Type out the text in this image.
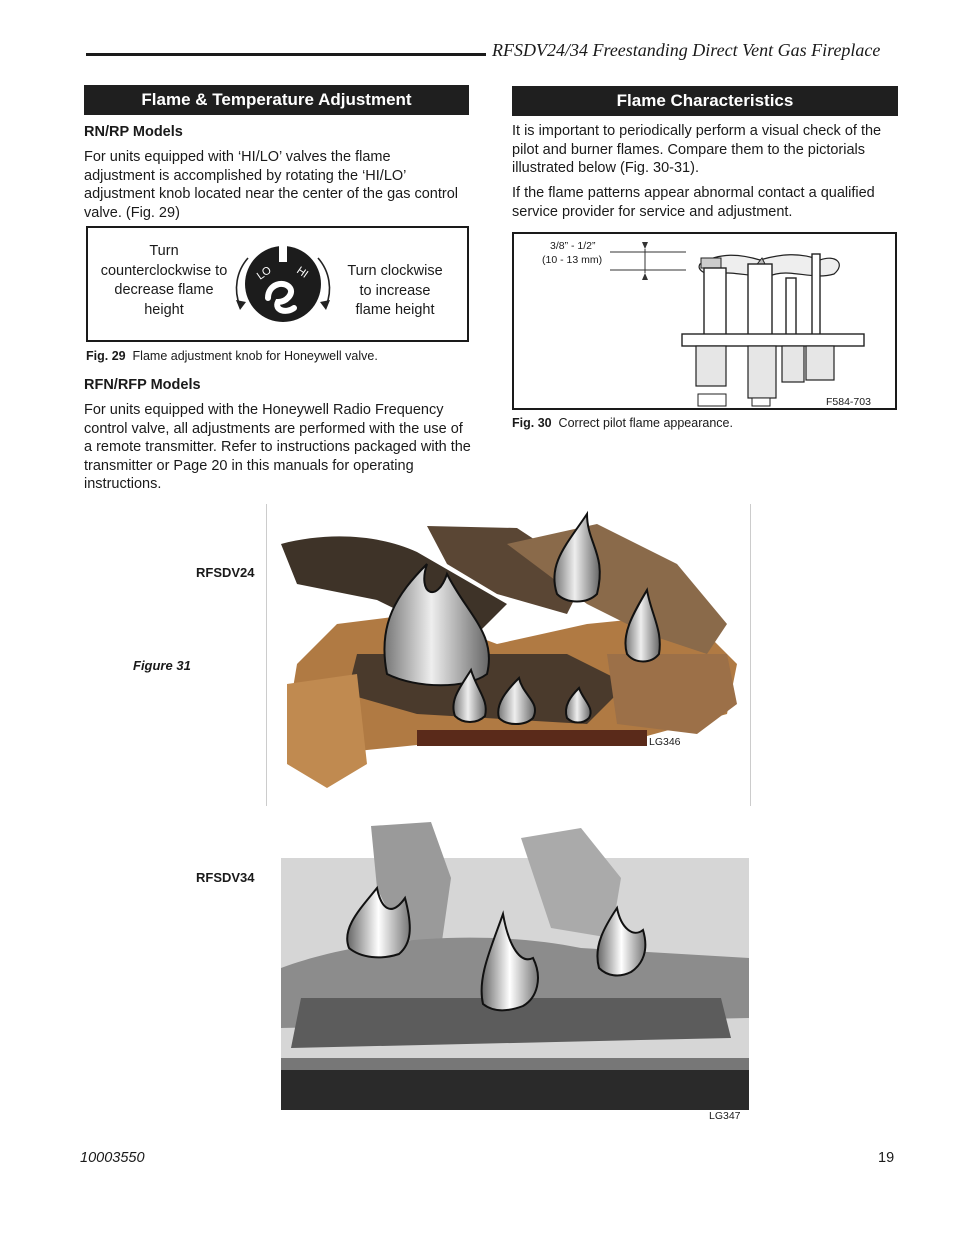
RFSDV24/34 Freestanding Direct Vent Gas Fireplace
Flame & Temperature Adjustment
RN/RP Models

For units equipped with ‘HI/LO’ valves the flame adjustment is accomplished by rotating the ‘HI/LO’ adjustment knob located near the center of the gas control valve. (Fig. 29)

Turn counterclockwise to decrease flame height
LO HI	Turn clockwise to increase flame height
Fig. 29 Flame adjustment knob for Honeywell valve.
RFN/RFP Models

For units equipped with the Honeywell Radio Frequency control valve, all adjustments are performed with the use of a remote transmitter. Refer to instructions packaged with the transmitter or Page 20 in this manuals for operating instructions.

Flame Characteristics

It is important to periodically perform a visual check of the pilot and burner flames. Compare them to the pictorials illustrated below (Fig. 30-31).

If the flame patterns appear abnormal contact a qualified service provider for service and adjustment.

3/8” - 1/2”
(10 - 13 mm)
F584-703
Fig. 30 Correct pilot flame appearance.
RFSDV24
Figure 31
LG346
RFSDV34
LG347
10003550	19
